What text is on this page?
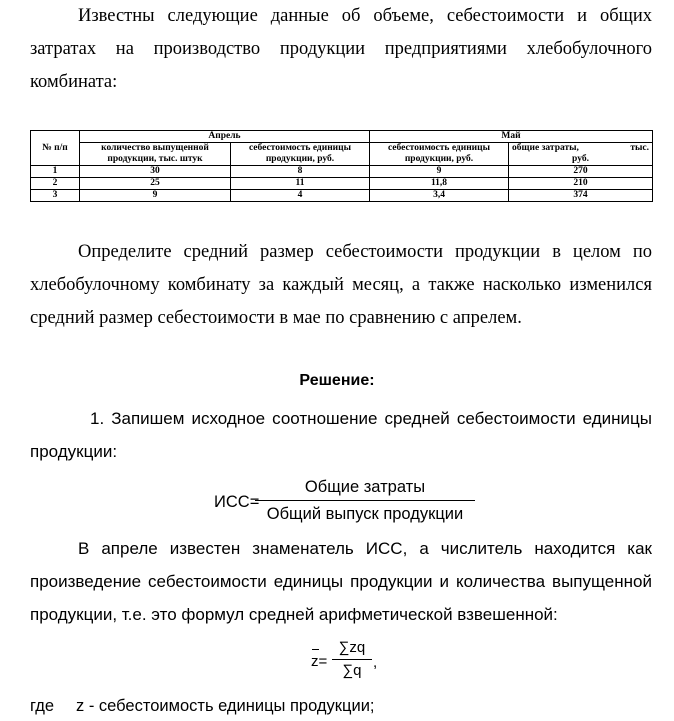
Известны следующие данные об объеме, себестоимости и общих затратах на производство продукции предприятиями хлебобулочного комбината:
№ п/п	Апрель		Май	
	количество выпущенной продукции, тыс. штук	себестоимость единицы продукции, руб.	себестоимость единицы продукции, руб.	общие затраты, тыс.
руб.

1	30	8	9	270
2	25	11	11,8	210
3	9	4	3,4	374
Определите средний размер себестоимости продукции в целом по хлебобулочному комбинату за каждый месяц, а также насколько изменился средний размер себестоимости в мае по сравнению с апрелем.
Решение:
1. Запишем исходное соотношение средней себестоимости единицы продукции:
ИСС=
Общие затраты
Общий выпуск продукции
В апреле известен знаменатель ИСС, а числитель находится как произведение себестоимости единицы продукции и количества выпущенной продукции, т.е. это формул средней арифметической взвешенной:
z=
∑zq
∑q ,
где z - себестоимость единицы продукции;
